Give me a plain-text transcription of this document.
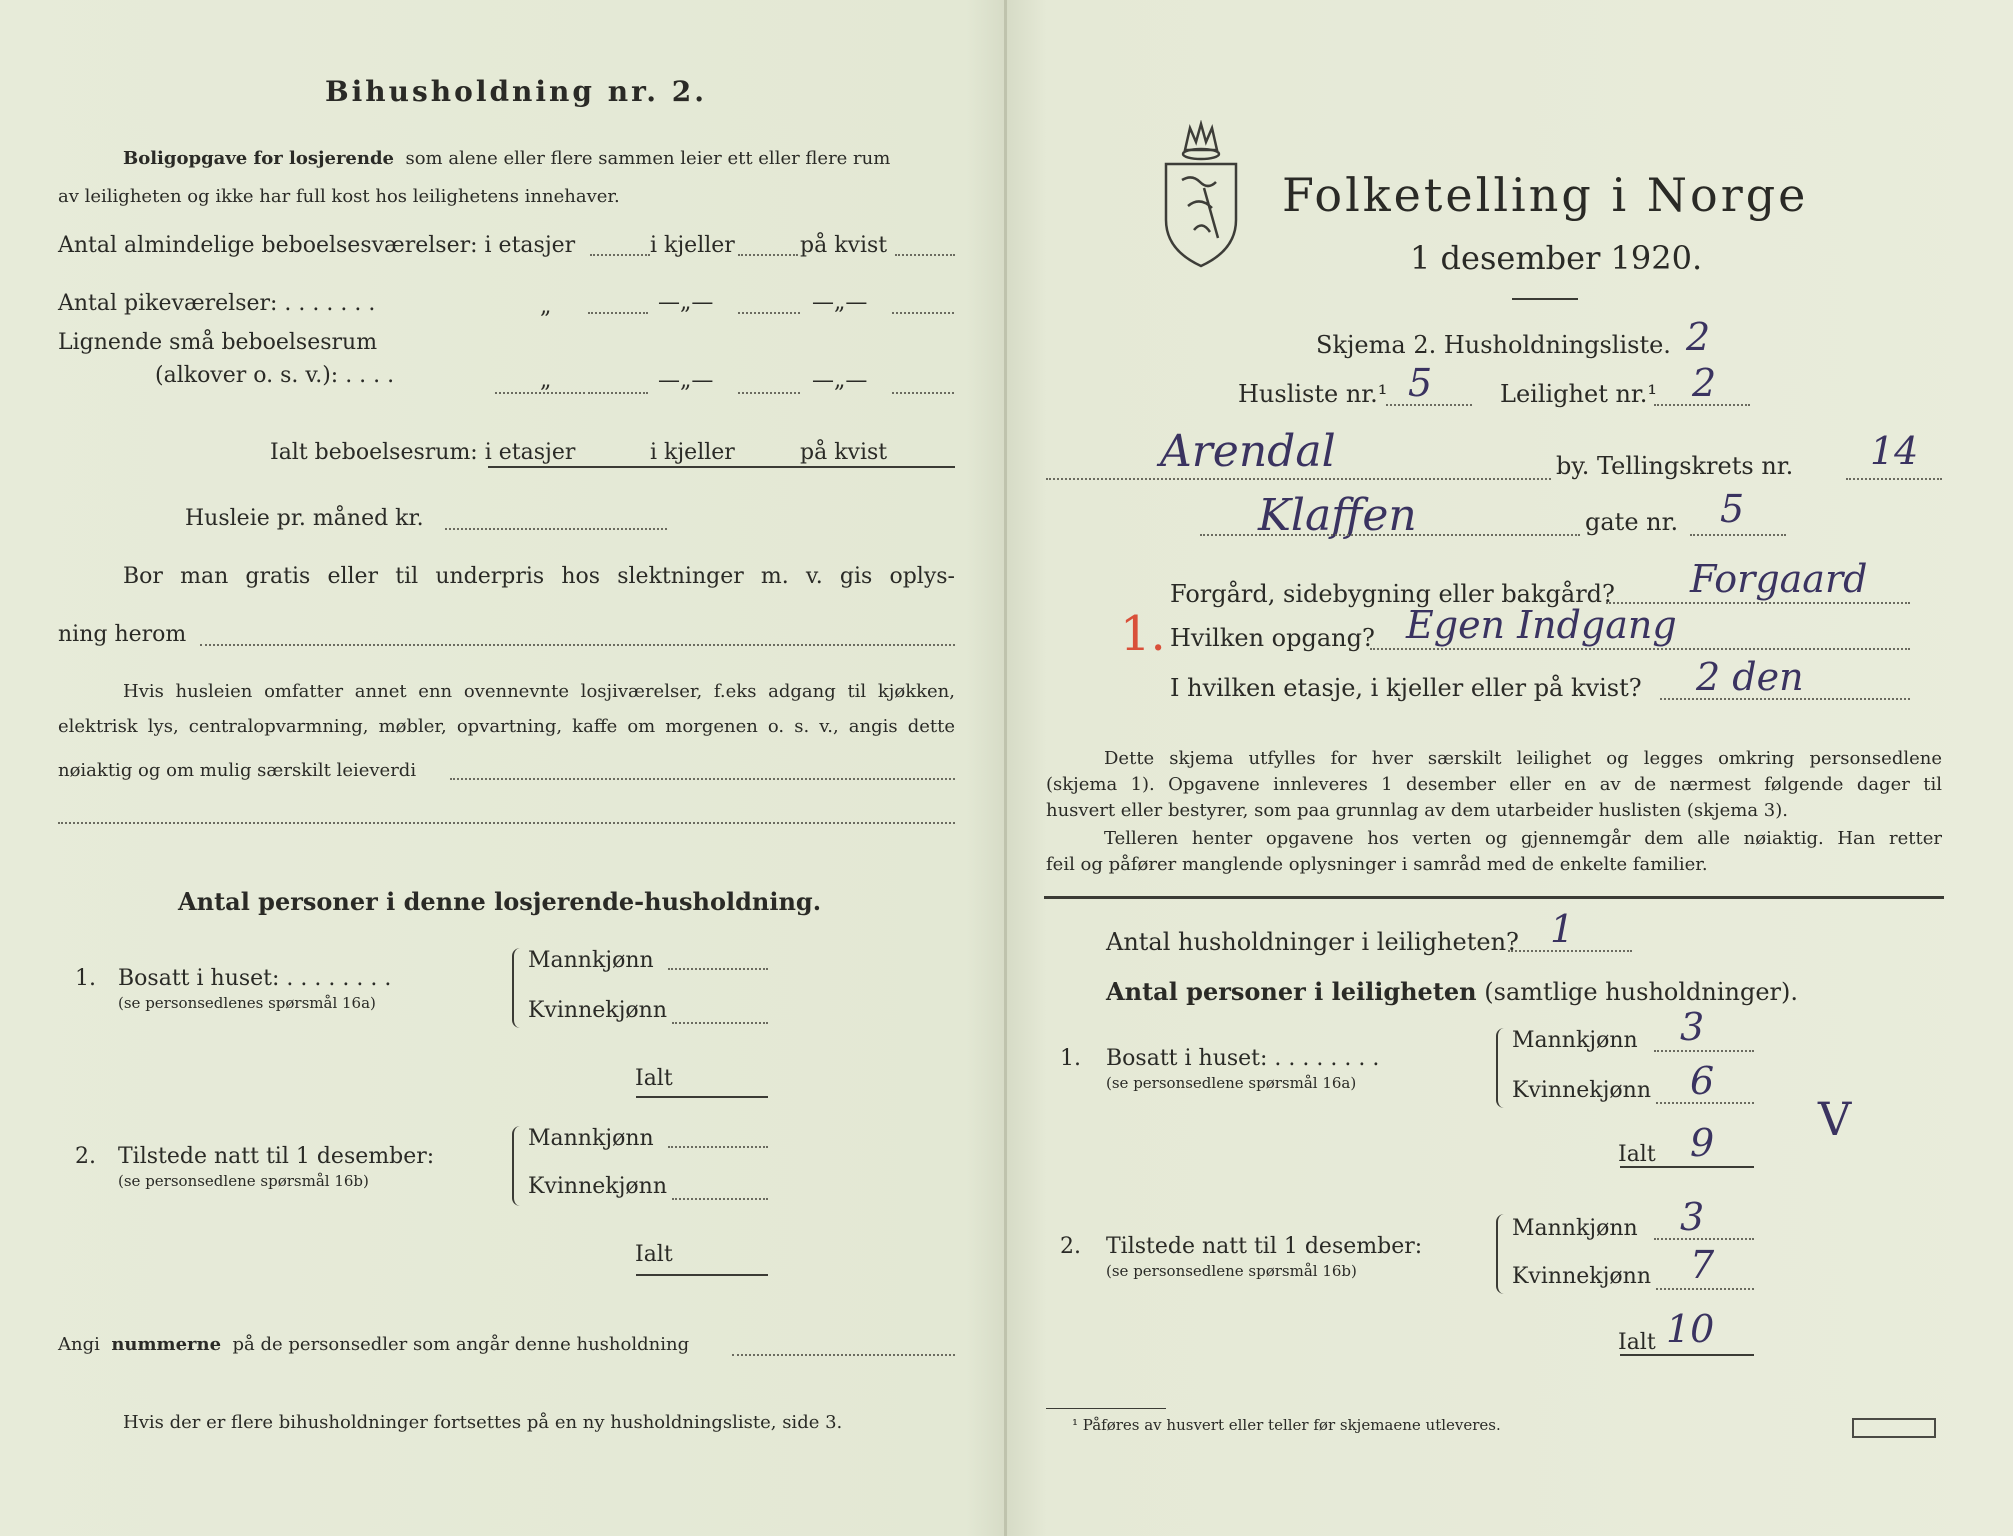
Bihusholdning nr. 2.
Boligopgave for losjerende som alene eller flere sammen leier ett eller flere rum
av leiligheten og ikke har full kost hos leilighetens innehaver.
Antal almindelige beboelsesværelser: i etasjer	i kjeller	på kvist
Antal pikeværelser: . . . . . . .	„	—„—	—„—
Lignende små beboelsesrum
(alkover o. s. v.): . . . .	„	—„—	—„—
Ialt beboelsesrum: i etasjer	i kjeller	på kvist
Husleie pr. måned kr.
Bor man gratis eller til underpris hos slektninger m. v. gis oplys-
ning herom
Hvis husleien omfatter annet enn ovennevnte losjiværelser, f.eks adgang til kjøkken,
elektrisk lys, centralopvarmning, møbler, opvartning, kaffe om morgenen o. s. v., angis dette
nøiaktig og om mulig særskilt leieverdi
Antal personer i denne losjerende-husholdning.
1. Bosatt i huset: . . . . . . . .
(se personsedlenes spørsmål 16a)
Mannkjønn
Kvinnekjønn
Ialt
2. Tilstede natt til 1 desember:
(se personsedlene spørsmål 16b)
Mannkjønn
Kvinnekjønn
Ialt
Angi nummerne på de personsedler som angår denne husholdning
Hvis der er flere bihusholdninger fortsettes på en ny husholdningsliste, side 3.
Folketelling i Norge
1 desember 1920.
Skjema 2. Husholdningsliste. 2
Husliste nr.¹ 5	Leilighet nr.¹ 2
Arendal	by. Tellingskrets nr. 14
Klaffen	gate nr. 5
1.
Forgård, sidebygning eller bakgård? Forgaard
Hvilken opgang? Egen Indgang
I hvilken etasje, i kjeller eller på kvist? 2 den
Dette skjema utfylles for hver særskilt leilighet og legges omkring personsedlene
(skjema 1). Opgavene innleveres 1 desember eller en av de nærmest følgende dager til
husvert eller bestyrer, som paa grunnlag av dem utarbeider huslisten (skjema 3).
Telleren henter opgavene hos verten og gjennemgår dem alle nøiaktig. Han retter
feil og påfører manglende oplysninger i samråd med de enkelte familier.
Antal husholdninger i leiligheten? 1
Antal personer i leiligheten (samtlige husholdninger).
1. Bosatt i huset: . . . . . . . .
(se personsedlene spørsmål 16a)
Mannkjønn 3
Kvinnekjønn 6
Ialt 9 V
2. Tilstede natt til 1 desember:
(se personsedlene spørsmål 16b)
Mannkjønn 3
Kvinnekjønn 7
Ialt 10
¹ Påføres av husvert eller teller før skjemaene utleveres.
